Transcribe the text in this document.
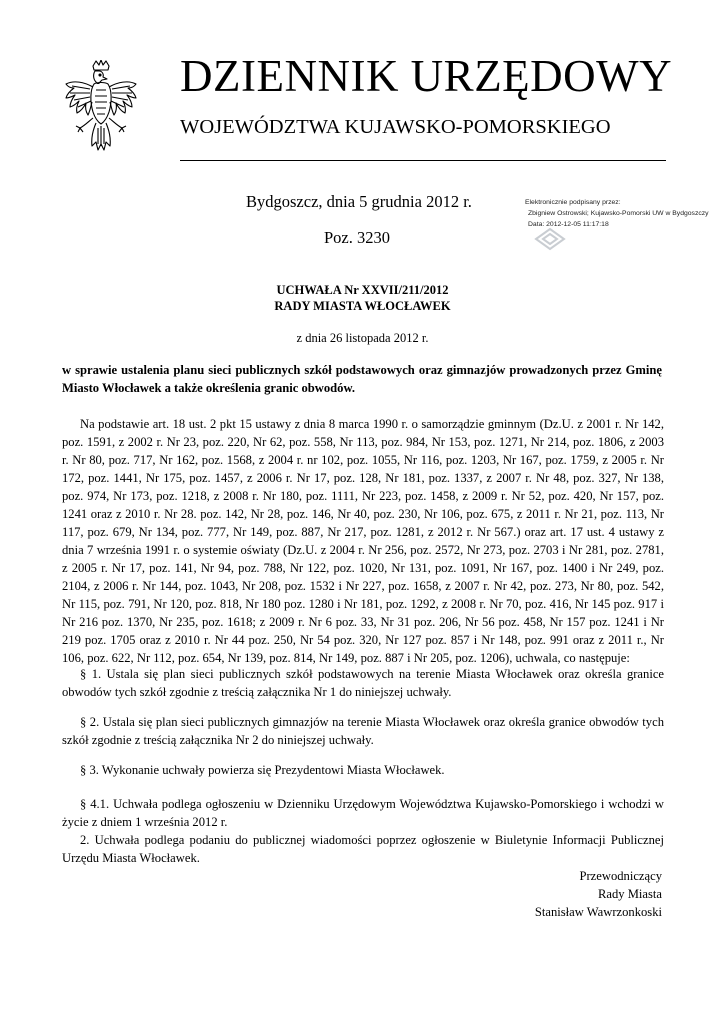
DZIENNIK URZĘDOWY
WOJEWÓDZTWA KUJAWSKO-POMORSKIEGO
Bydgoszcz, dnia 5 grudnia 2012 r.
Poz. 3230
Elektronicznie podpisany przez:
Zbigniew Ostrowski; Kujawsko-Pomorski UW w Bydgoszczy
Data: 2012-12-05 11:17:18
UCHWAŁA Nr XXVII/211/2012
RADY MIASTA WŁOCŁAWEK
z dnia 26 listopada 2012 r.
w sprawie ustalenia planu sieci publicznych szkół podstawowych oraz gimnazjów prowadzonych przez Gminę Miasto Włocławek a także określenia granic obwodów.
Na podstawie art. 18 ust. 2 pkt 15 ustawy z dnia 8 marca 1990 r. o samorządzie gminnym (Dz.U. z 2001 r. Nr 142, poz. 1591, z 2002 r. Nr 23, poz. 220, Nr 62, poz. 558, Nr 113, poz. 984, Nr 153, poz. 1271, Nr 214, poz. 1806, z 2003 r. Nr 80, poz. 717, Nr 162, poz. 1568, z 2004 r. nr 102, poz. 1055, Nr 116, poz. 1203, Nr 167, poz. 1759, z 2005 r. Nr 172, poz. 1441, Nr 175, poz. 1457, z 2006 r. Nr 17, poz. 128, Nr 181, poz. 1337, z 2007 r. Nr 48, poz. 327, Nr 138, poz. 974, Nr 173, poz. 1218, z 2008 r. Nr 180, poz. 1111, Nr 223, poz. 1458, z 2009 r. Nr 52, poz. 420, Nr 157, poz. 1241 oraz z 2010 r. Nr 28. poz. 142, Nr 28, poz. 146, Nr 40, poz. 230, Nr 106, poz. 675, z 2011 r. Nr 21, poz. 113, Nr 117, poz. 679, Nr 134, poz. 777, Nr 149, poz. 887, Nr 217, poz. 1281, z 2012 r. Nr 567.) oraz art. 17 ust. 4 ustawy z dnia 7 września 1991 r. o systemie oświaty (Dz.U. z 2004 r. Nr 256, poz. 2572, Nr 273, poz. 2703 i Nr 281, poz. 2781, z 2005 r. Nr 17, poz. 141, Nr 94, poz. 788, Nr 122, poz. 1020, Nr 131, poz. 1091, Nr 167, poz. 1400 i Nr 249, poz. 2104, z 2006 r. Nr 144, poz. 1043, Nr 208, poz. 1532 i Nr 227, poz. 1658, z 2007 r. Nr 42, poz. 273, Nr 80, poz. 542, Nr 115, poz. 791, Nr 120, poz. 818, Nr 180 poz. 1280 i Nr 181, poz. 1292, z 2008 r. Nr 70, poz. 416, Nr 145 poz. 917 i Nr 216 poz. 1370, Nr 235, poz. 1618; z 2009 r. Nr 6 poz. 33, Nr 31 poz. 206, Nr 56 poz. 458, Nr 157 poz. 1241 i Nr 219 poz. 1705 oraz z 2010 r. Nr 44 poz. 250, Nr 54 poz. 320, Nr 127 poz. 857 i Nr 148, poz. 991 oraz z 2011 r., Nr 106, poz. 622, Nr 112, poz. 654, Nr 139, poz. 814, Nr 149, poz. 887 i Nr 205, poz. 1206), uchwala, co następuje:
§ 1. Ustala się plan sieci publicznych szkół podstawowych na terenie Miasta Włocławek oraz określa granice obwodów tych szkół zgodnie z treścią załącznika Nr 1 do niniejszej uchwały.
§ 2. Ustala się plan sieci publicznych gimnazjów na terenie Miasta Włocławek oraz określa granice obwodów tych szkół zgodnie z treścią załącznika Nr 2 do niniejszej uchwały.
§ 3. Wykonanie uchwały powierza się Prezydentowi Miasta Włocławek.
§ 4.1. Uchwała podlega ogłoszeniu w Dzienniku Urzędowym Województwa Kujawsko-Pomorskiego i wchodzi w życie z dniem 1 września 2012 r.
2. Uchwała podlega podaniu do publicznej wiadomości poprzez ogłoszenie w Biuletynie Informacji Publicznej Urzędu Miasta Włocławek.
Przewodniczący
Rady Miasta
Stanisław Wawrzonkoski
